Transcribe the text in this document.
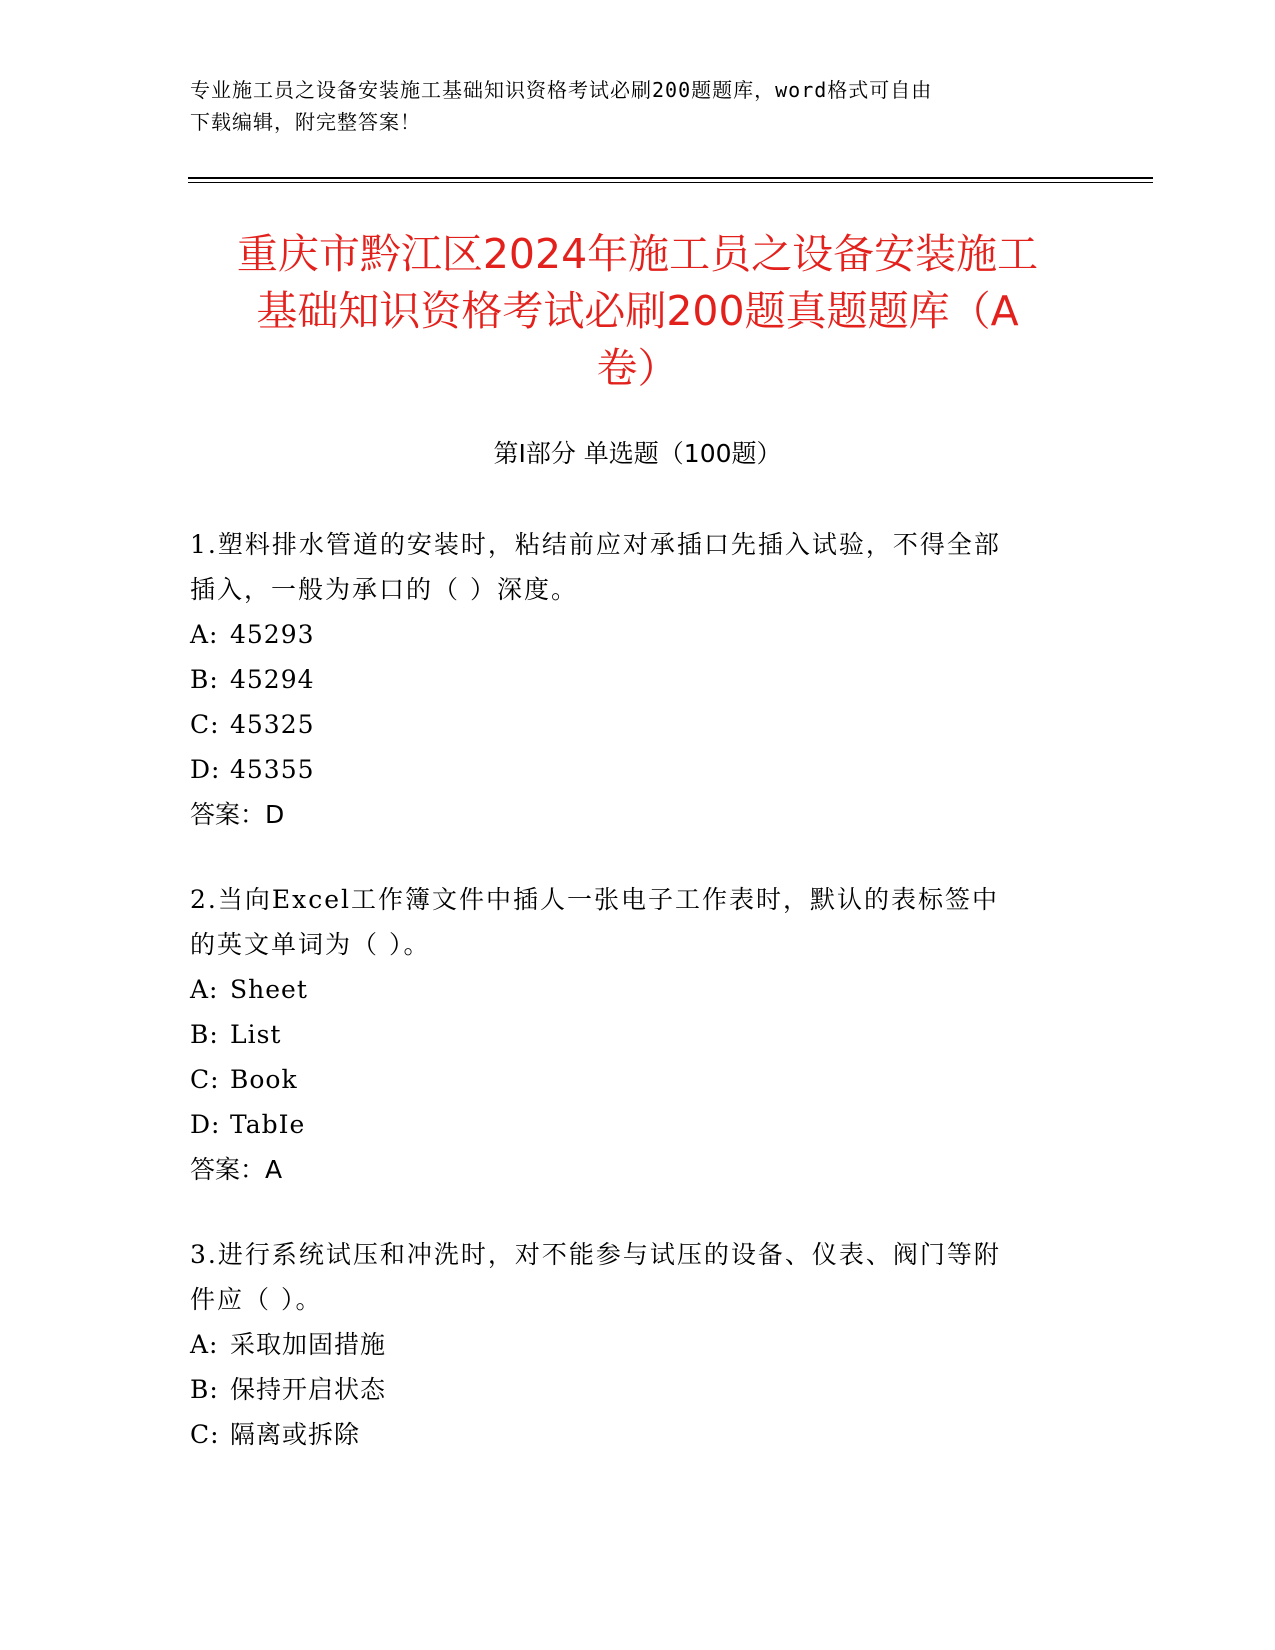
专业施工员之设备安装施工基础知识资格考试必刷200题题库，word格式可自由
下载编辑，附完整答案！
重庆市黔江区2024年施工员之设备安装施工
基础知识资格考试必刷200题真题题库（A
卷）
第I部分 单选题（100题）
1.塑料排水管道的安装时，粘结前应对承插口先插入试验，不得全部
插入，一般为承口的（ ）深度。
A: 45293
B: 45294
C: 45325
D: 45355
答案：D
2.当向Excel工作簿文件中插人一张电子工作表时，默认的表标签中
的英文单词为（ ）。
A: Sheet
B: List
C: Book
D: TabIe
答案：A
3.进行系统试压和冲洗时，对不能参与试压的设备、仪表、阀门等附
件应（ ）。
A: 采取加固措施
B: 保持开启状态
C: 隔离或拆除
